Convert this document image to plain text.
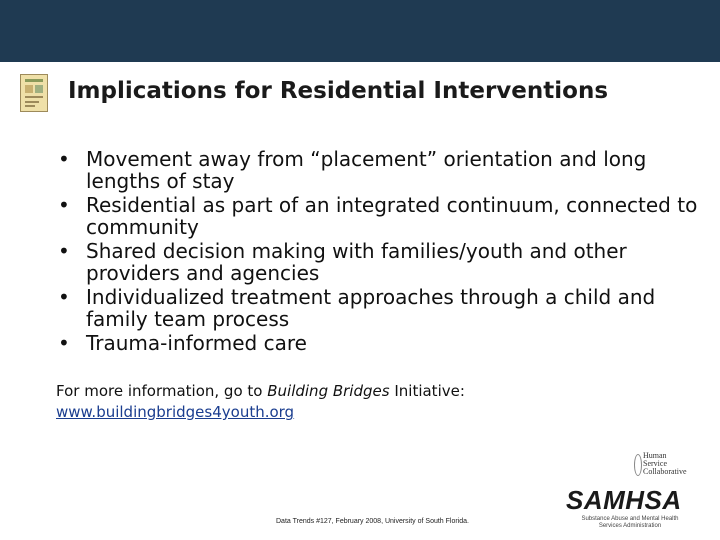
Implications for Residential Interventions
• Movement away from “placement” orientation and long lengths of stay
• Residential as part of an integrated continuum, connected to community
• Shared decision making with families/youth and other providers and agencies
• Individualized treatment approaches through a child and family team process
• Trauma-informed care
For more information, go to Building Bridges Initiative:
www.buildingbridges4youth.org
Human
Service
Collaborative
SAMHSA
Substance Abuse and Mental Health
Services Administration
Data Trends #127, February 2008, University of South Florida.
